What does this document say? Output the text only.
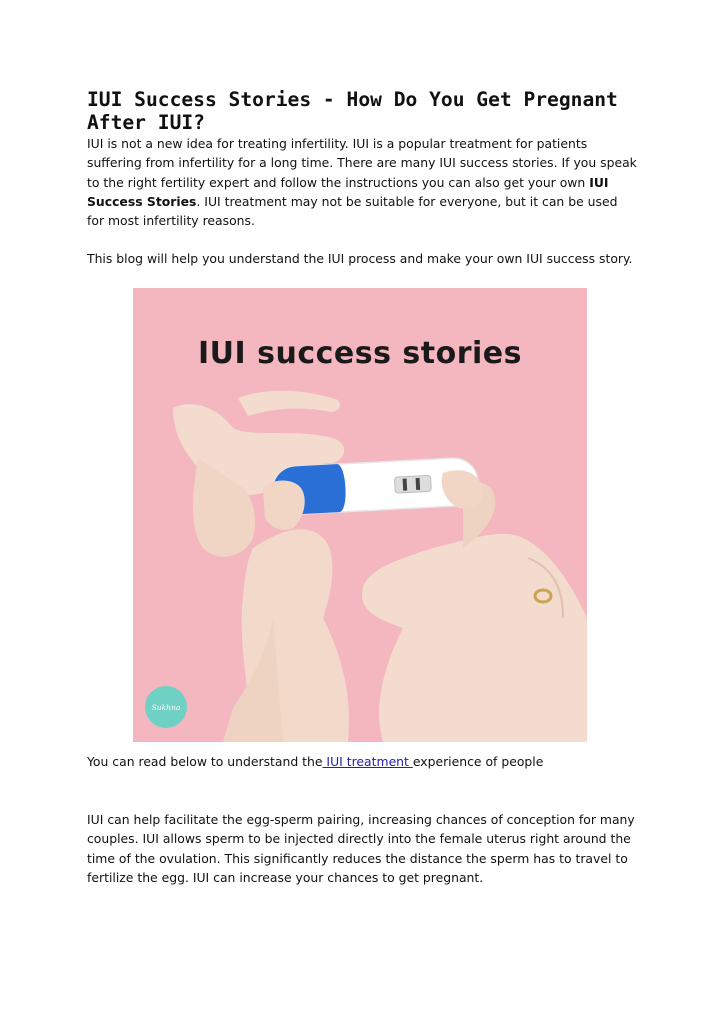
IUI Success Stories - How Do You Get Pregnant After IUI?

IUI is not a new idea for treating infertility. IUI is a popular treatment for patients suffering from infertility for a long time. There are many IUI success stories. If you speak to the right fertility expert and follow the instructions you can also get your own IUI Success Stories. IUI treatment may not be suitable for everyone, but it can be used for most infertility reasons.

This blog will help you understand the IUI process and make your own IUI success story.

IUI success stories
Sukhna

You can read below to understand the IUI treatment experience of people

IUI can help facilitate the egg-sperm pairing, increasing chances of conception for many couples. IUI allows sperm to be injected directly into the female uterus right around the time of the ovulation. This significantly reduces the distance the sperm has to travel to fertilize the egg. IUI can increase your chances to get pregnant.
